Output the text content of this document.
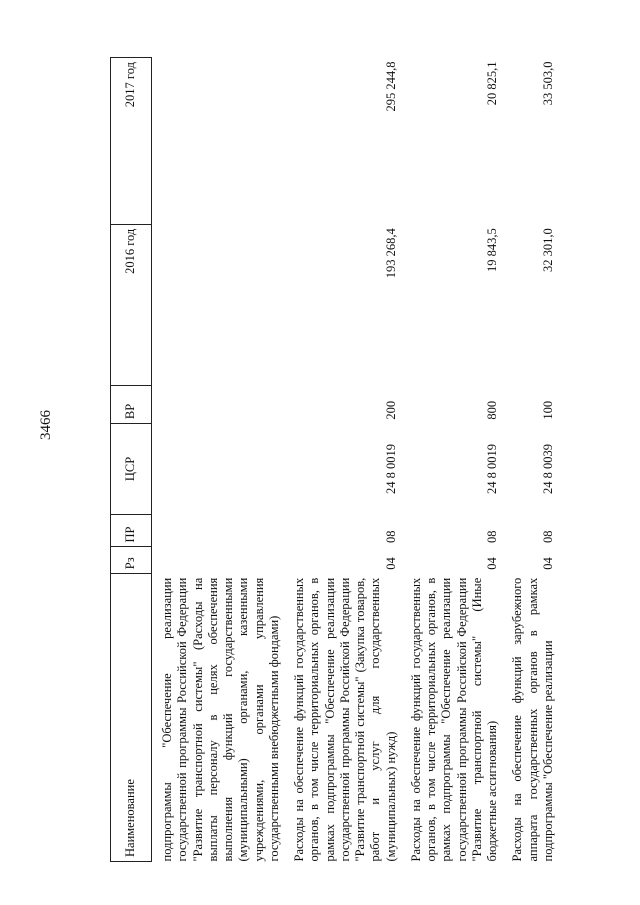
3466
Наименование	Рз	ПР	ЦСР	ВР	2016 год	2017 год
подпрограммы "Обеспечение реализации государственной программы Российской Федерации "Развитие транспортной системы" (Расходы на выплаты персоналу в целях обеспечения выполнения функций государственными (муниципальными) органами, казенными учреждениями, органами управления государственными внебюджетными фондами)						
Расходы на обеспечение функций государственных органов, в том числе территориальных органов, в рамках подпрограммы "Обеспечение реализации государственной программы Российской Федерации "Развитие транспортной системы" (Закупка товаров, работ и услуг для государственных (муниципальных) нужд)	04	08	24 8 0019	200	193 268,4	295 244,8
Расходы на обеспечение функций государственных органов, в том числе территориальных органов, в рамках подпрограммы "Обеспечение реализации государственной программы Российской Федерации "Развитие транспортной системы" (Иные бюджетные ассигнования)	04	08	24 8 0019	800	19 843,5	20 825,1
Расходы на обеспечение функций зарубежного аппарата государственных органов в рамках подпрограммы "Обеспечение реализации	04	08	24 8 0039	100	32 301,0	33 503,0
